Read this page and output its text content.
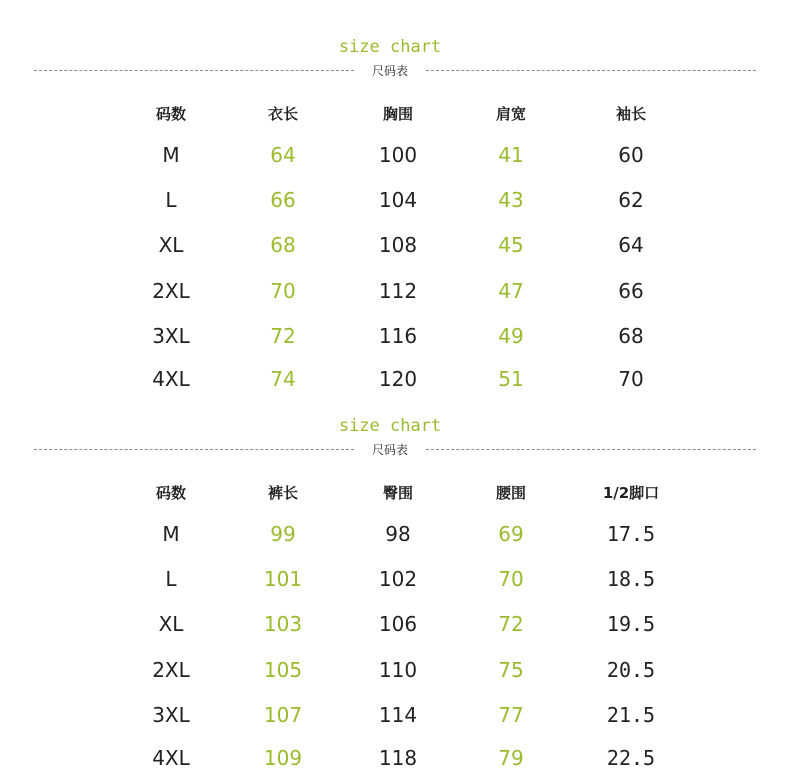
size chart
尺码表
码数	衣长	胸围	肩宽	袖长
M	64	100	41	60
L	66	104	43	62
XL	68	108	45	64
2XL	70	112	47	66
3XL	72	116	49	68
4XL	74	120	51	70
size chart
尺码表
码数	裤长	臀围	腰围	1/2脚口
M	99	98	69	17.5
L	101	102	70	18.5
XL	103	106	72	19.5
2XL	105	110	75	20.5
3XL	107	114	77	21.5
4XL	109	118	79	22.5
